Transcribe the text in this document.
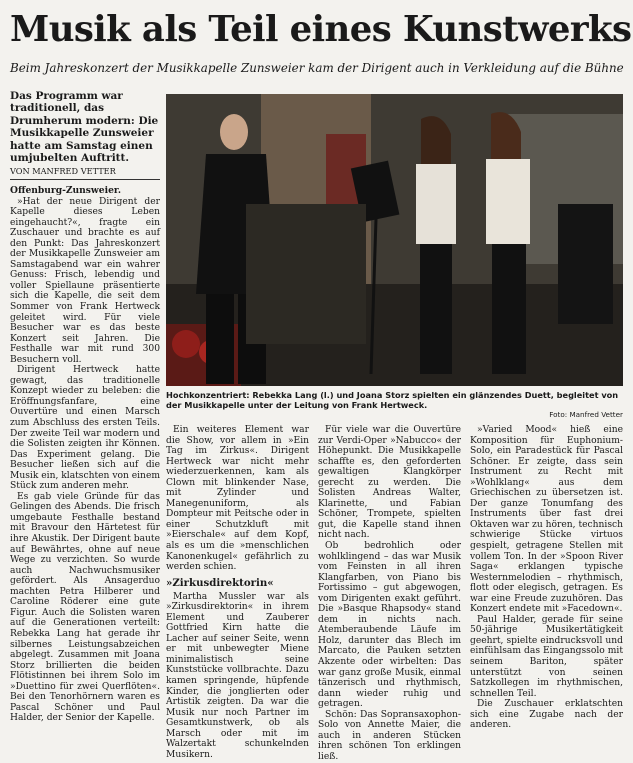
Musik als Teil eines Kunstwerks
Beim Jahreskonzert der Musikkapelle Zunsweier kam der Dirigent auch in Verkleidung auf die Bühne
Das Programm war traditionell, das Drumherum modern: Die Musikkapelle Zunsweier hatte am Samstag einen umjubelten Auftritt.
VON MANFRED VETTER

Offenburg-Zunsweier.

»Hat der neue Dirigent der Kapelle dieses Leben eingehaucht?«, fragte ein Zuschauer und brachte es auf den Punkt: Das Jahreskonzert der Musikkapelle Zunsweier am Samstagabend war ein wahrer Genuss: Frisch, lebendig und voller Spiellaune präsentierte sich die Kapelle, die seit dem Sommer von Frank Hertweck geleitet wird. Für viele Besucher war es das beste Konzert seit Jahren. Die Festhalle war mit rund 300 Besuchern voll.

Dirigent Hertweck hatte gewagt, das traditionelle Konzept wieder zu beleben: die Eröffnungsfanfare, eine Ouvertüre und einen Marsch zum Abschluss des ersten Teils. Der zweite Teil war modern und die Solisten zeigten ihr Können. Das Experiment gelang. Die Besucher ließen sich auf die Musik ein, klatschten von einem Stück zum anderen mehr.

Es gab viele Gründe für das Gelingen des Abends. Die frisch umgebaute Festhalle bestand mit Bravour den Härtetest für ihre Akustik. Der Dirigent baute auf Bewährtes, ohne auf neue Wege zu verzichten. So wurde auch Nachwuchsmusiker gefördert. Als Ansagerduo machten Petra Hilberer und Caroline Röderer eine gute Figur. Auch die Solisten waren auf die Generationen verteilt: Rebekka Lang hat gerade ihr silbernes Leistungsabzeichen abgelegt. Zusammen mit Joana Storz brillierten die beiden Flötistinnen bei ihrem Solo im »Duettino für zwei Querflöten«. Bei den Tenorhörnern waren es Pascal Schöner und Paul Halder, der Senior der Kapelle.

Hochkonzentriert: Rebekka Lang (l.) und Joana Storz spielten ein glänzendes Duett, begleitet von der Musikkapelle unter der Leitung von Frank Hertweck.
Foto: Manfred Vetter

Ein weiteres Element war die Show, vor allem in »Ein Tag im Zirkus«. Dirigent Hertweck war nicht mehr wiederzuerkennen, kam als Clown mit blinkender Nase, mit Zylinder und Manegenuniform, als Dompteur mit Peitsche oder in einer Schutzkluft mit »Eierschale« auf dem Kopf, als es um die »menschlichen Kanonenkugel« gefährlich zu werden schien.

»Zirkusdirektorin«

Martha Mussler war als »Zirkusdirektorin« in ihrem Element und Zauberer Gottfried Kirn hatte die Lacher auf seiner Seite, wenn er mit unbewegter Miene minimalistisch seine Kunststücke vollbrachte. Dazu kamen springende, hüpfende Kinder, die jonglierten oder Artistik zeigten. Da war die Musik nur noch Partner im Gesamtkunstwerk, ob als Marsch oder mit im Walzertakt schunkelnden Musikern.

Für viele war die Ouvertüre zur Verdi-Oper »Nabucco« der Höhepunkt. Die Musikkapelle schaffte es, den geforderten gewaltigen Klangkörper gerecht zu werden. Die Solisten Andreas Walter, Klarinette, und Fabian Schöner, Trompete, spielten gut, die Kapelle stand ihnen nicht nach.

Ob bedrohlich oder wohlklingend – das war Musik vom Feinsten in all ihren Klangfarben, von Piano bis Fortissimo – gut abgewogen, vom Dirigenten exakt geführt. Die »Basque Rhapsody« stand dem in nichts nach. Atemberaubende Läufe im Holz, darunter das Blech im Marcato, die Pauken setzten Akzente oder wirbelten: Das war ganz große Musik, einmal tänzerisch und rhythmisch, dann wieder ruhig und getragen.

Schön: Das Sopransaxophon-Solo von Annette Maier, die auch in anderen Stücken ihren schönen Ton erklingen ließ.

»Varied Mood« hieß eine Komposition für Euphonium-Solo, ein Paradestück für Pascal Schöner. Er zeigte, dass sein Instrument zu Recht mit »Wohlklang« aus dem Griechischen zu übersetzen ist. Der ganze Tonumfang des Instruments über fast drei Oktaven war zu hören, technisch schwierige Stücke virtuos gespielt, getragene Stellen mit vollem Ton. In der »Spoon River Saga« erklangen typische Westernmelodien – rhythmisch, flott oder elegisch, getragen. Es war eine Freude zuzuhören. Das Konzert endete mit »Facedown«.

Paul Halder, gerade für seine 50-jährige Musikertätigkeit geehrt, spielte eindrucksvoll und einfühlsam das Eingangssolo mit seinem Bariton, später unterstützt von seinen Satzkollegen im rhythmischen, schnellen Teil.

Die Zuschauer erklatschten sich eine Zugabe nach der anderen.
